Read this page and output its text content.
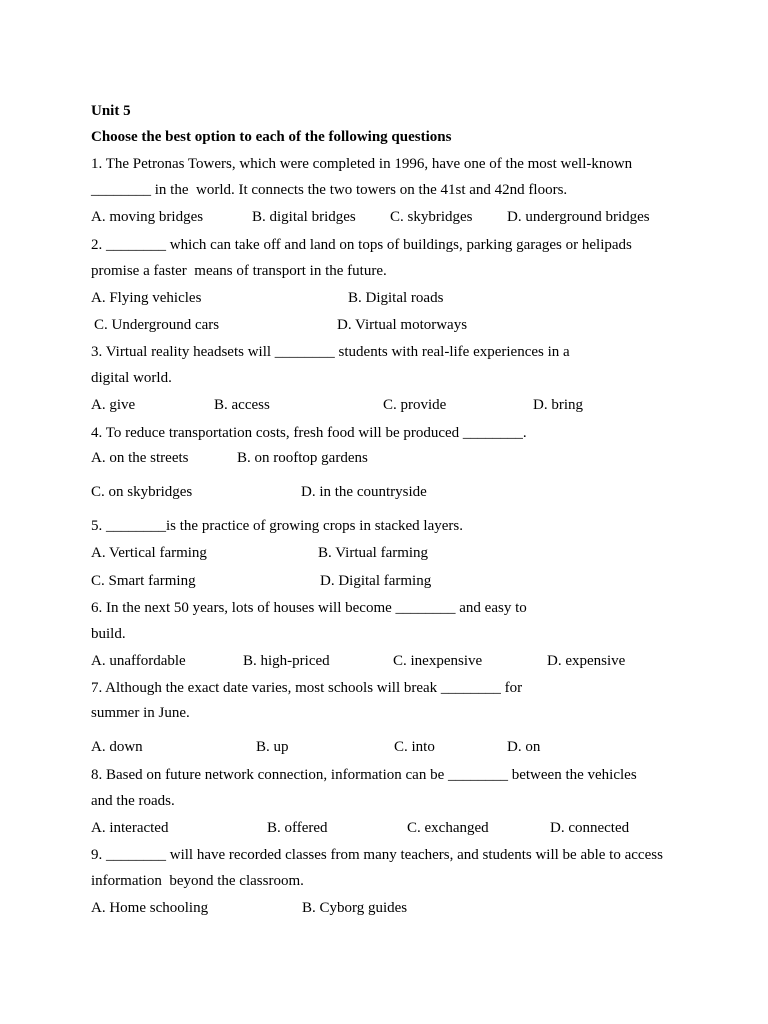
Unit 5
Choose the best option to each of the following questions
1. The Petronas Towers, which were completed in 1996, have one of the most well-known
________ in the  world. It connects the two towers on the 41st and 42nd floors.
A. moving bridges	B. digital bridges C. skybridges D. underground bridges
2. ________ which can take off and land on tops of buildings, parking garages or helipads
promise a faster  means of transport in the future.
A. Flying vehicles	B. Digital roads
C. Underground cars	D. Virtual motorways
3. Virtual reality headsets will ________ students with real-life experiences in a
digital world.
A. give	B. access	C. provide	D. bring
4. To reduce transportation costs, fresh food will be produced ________.
A. on the streets	B. on rooftop gardens
C. on skybridges	D. in the countryside
5. ________is the practice of growing crops in stacked layers.
A. Vertical farming	B. Virtual farming
C. Smart farming	D. Digital farming
6. In the next 50 years, lots of houses will become ________ and easy to
build.
A. unaffordable	B. high-priced	C. inexpensive	D. expensive
7. Although the exact date varies, most schools will break ________ for
summer in June.
A. down	B. up	C. into	D. on
8. Based on future network connection, information can be ________ between the vehicles
and the roads.
A. interacted	B. offered	C. exchanged	D. connected
9. ________ will have recorded classes from many teachers, and students will be able to access
information  beyond the classroom.
A. Home schooling	B. Cyborg guides
